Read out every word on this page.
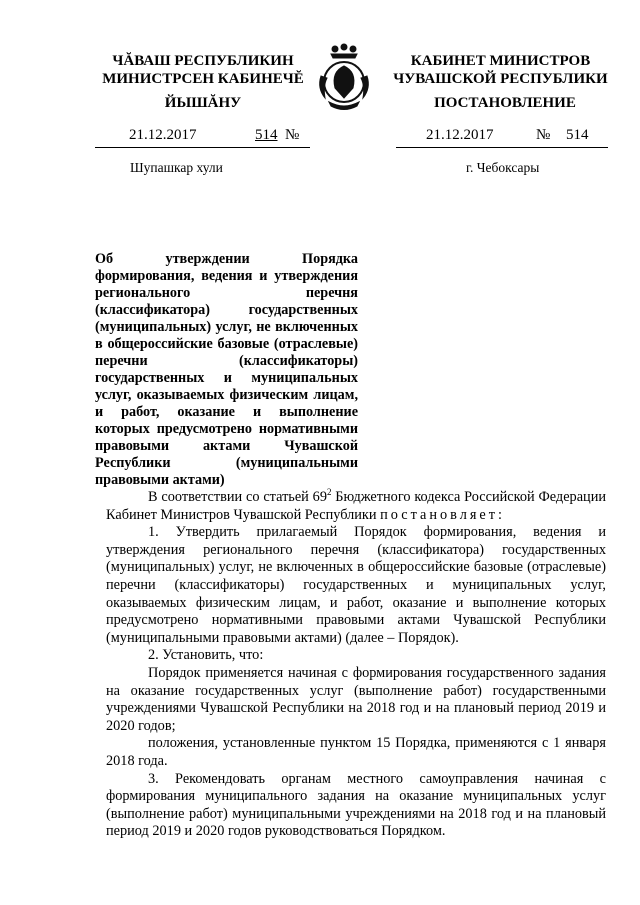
ЧĂВАШ РЕСПУБЛИКИН
МИНИСТРСЕН КАБИНЕЧĔ
ЙЫШĂНУ
КАБИНЕТ МИНИСТРОВ
ЧУВАШСКОЙ РЕСПУБЛИКИ
ПОСТАНОВЛЕНИЕ
21.12.2017	514 №	21.12.2017	№ 514
Шупашкар хули	г. Чебоксары
Об утверждении Порядка формирования, ведения и утверждения регионального перечня (классификатора) государственных (муниципальных) услуг, не включенных в общероссийские базовые (отраслевые) перечни (классификаторы) государственных и муниципальных услуг, оказываемых физическим лицам, и работ, оказание и выполнение которых предусмотрено нормативными правовыми актами Чувашской Республики (муниципальными правовыми актами)

В соответствии со статьей $69^2$ Бюджетного кодекса Российской Федерации Кабинет Министров Чувашской Республики постановляет:

1. Утвердить прилагаемый Порядок формирования, ведения и утверждения регионального перечня (классификатора) государственных (муниципальных) услуг, не включенных в общероссийские базовые (отраслевые) перечни (классификаторы) государственных и муниципальных услуг, оказываемых физическим лицам, и работ, оказание и выполнение которых предусмотрено нормативными правовыми актами Чувашской Республики (муниципальными правовыми актами) (далее – Порядок).

2. Установить, что:

Порядок применяется начиная с формирования государственного задания на оказание государственных услуг (выполнение работ) государственными учреждениями Чувашской Республики на 2018 год и на плановый период 2019 и 2020 годов;

положения, установленные пунктом 15 Порядка, применяются с 1 января 2018 года.

3. Рекомендовать органам местного самоуправления начиная с формирования муниципального задания на оказание муниципальных услуг (выполнение работ) муниципальными учреждениями на 2018 год и на плановый период 2019 и 2020 годов руководствоваться Порядком.
